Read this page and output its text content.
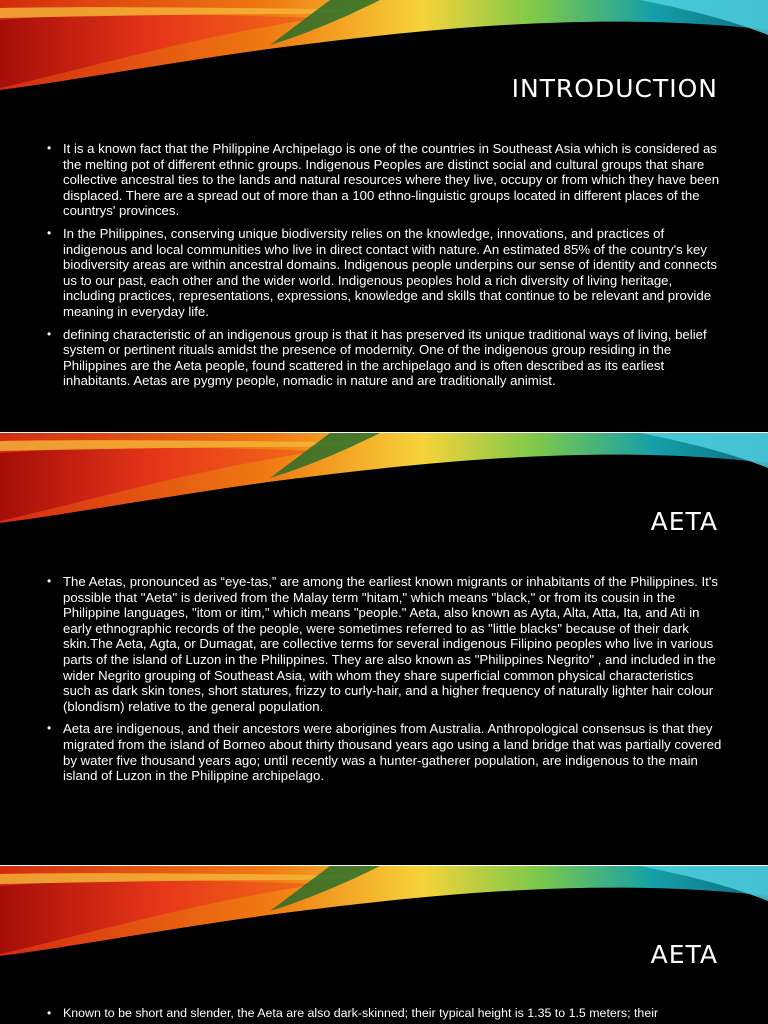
INTRODUCTION
• It is a known fact that the Philippine Archipelago is one of the countries in Southeast Asia which is considered as the melting pot of different ethnic groups. Indigenous Peoples are distinct social and cultural groups that share collective ancestral ties to the lands and natural resources where they live, occupy or from which they have been displaced. There are a spread out of more than a 100 ethno-linguistic groups located in different places of the countrys' provinces.
• In the Philippines, conserving unique biodiversity relies on the knowledge, innovations, and practices of indigenous and local communities who live in direct contact with nature. An estimated 85% of the country's key biodiversity areas are within ancestral domains. Indigenous people underpins our sense of identity and connects us to our past, each other and the wider world. Indigenous peoples hold a rich diversity of living heritage, including practices, representations, expressions, knowledge and skills that continue to be relevant and provide meaning in everyday life.
• defining characteristic of an indigenous group is that it has preserved its unique traditional ways of living, belief system or pertinent rituals amidst the presence of modernity. One of the indigenous group residing in the Philippines are the Aeta people, found scattered in the archipelago and is often described as its earliest inhabitants. Aetas are pygmy people, nomadic in nature and are traditionally animist.
AETA
• The Aetas, pronounced as “eye-tas,” are among the earliest known migrants or inhabitants of the Philippines. It's possible that "Aeta" is derived from the Malay term "hitam," which means "black," or from its cousin in the Philippine languages, "itom or itim," which means "people." Aeta, also known as Ayta, Alta, Atta, Ita, and Ati in early ethnographic records of the people, were sometimes referred to as "little blacks" because of their dark skin.The Aeta, Agta, or Dumagat, are collective terms for several indigenous Filipino peoples who live in various parts of the island of Luzon in the Philippines. They are also known as "Philippines Negrito" , and included in the wider Negrito grouping of Southeast Asia, with whom they share superficial common physical characteristics such as dark skin tones, short statures, frizzy to curly-hair, and a higher frequency of naturally lighter hair colour (blondism) relative to the general population.
• Aeta are indigenous, and their ancestors were aborigines from Australia. Anthropological consensus is that they migrated from the island of Borneo about thirty thousand years ago using a land bridge that was partially covered by water five thousand years ago; until recently was a hunter-gatherer population, are indigenous to the main island of Luzon in the Philippine archipelago.
AETA
• Known to be short and slender, the Aeta are also dark-skinned; their typical height is 1.35 to 1.5 meters; their
